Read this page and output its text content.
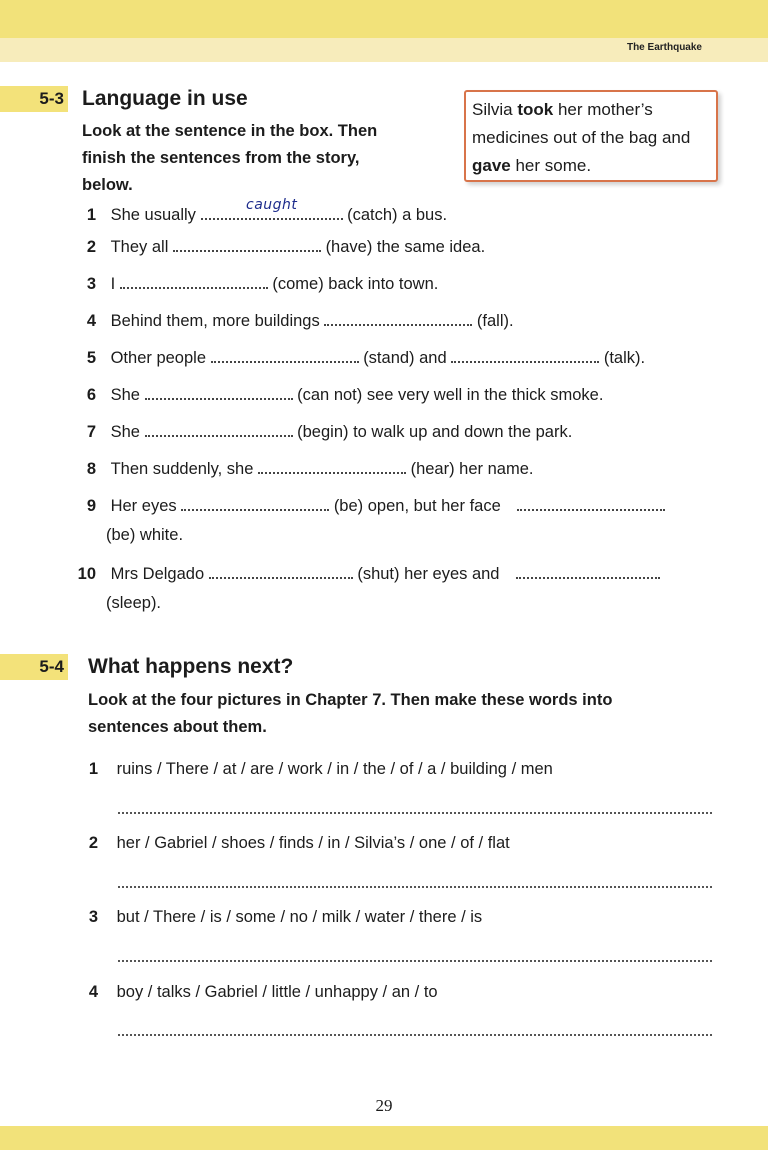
The Earthquake
5-3 Language in use
Look at the sentence in the box. Then
finish the sentences from the story,
below.
Silvia took her mother’s
medicines out of the bag and
gave her some.
1 She usually	(catch) a bus.
caught
2 They all	(have) the same idea.
3 I	(come) back into town.
4 Behind them, more buildings	(fall).
5 Other people	(stand) and	(talk).
6 She	(can not) see very well in the thick smoke.
7 She	(begin) to walk up and down the park.
8 Then suddenly, she	(hear) her name.
9 Her eyes	(be) open, but her face
(be) white.
10 Mrs Delgado	(shut) her eyes and
(sleep).
5-4 What happens next?
Look at the four pictures in Chapter 7. Then make these words into
sentences about them.
1 ruins / There / at / are / work / in / the / of / a / building / men
2 her / Gabriel / shoes / finds / in / Silvia’s / one / of / flat
3 but / There / is / some / no / milk / water / there / is
4 boy / talks / Gabriel / little / unhappy / an / to
29
